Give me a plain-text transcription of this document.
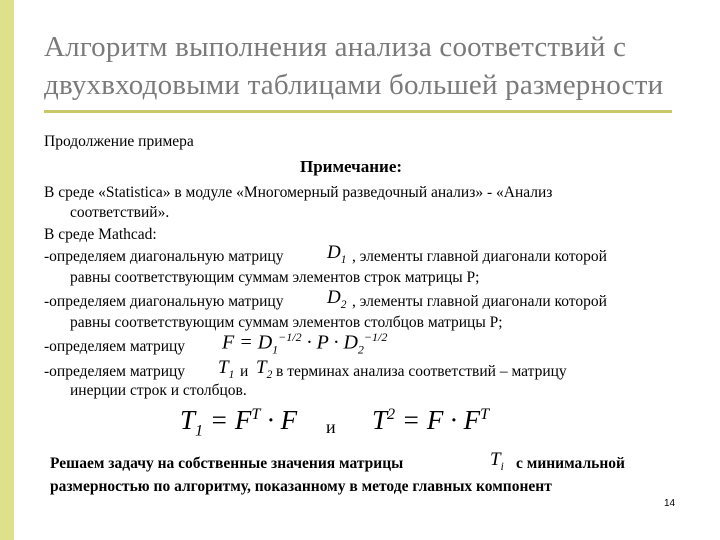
Алгоритм выполнения анализа соответствий с
двухвходовыми таблицами большей размерности
Продолжение примера
Примечание:
В среде «Statistica» в модуле «Многомерный разведочный анализ» - «Анализ
соответствий».
В среде Mathcad:
-определяем диагональную матрицу $D_1$ , элементы главной диагонали которой
равны соответствующим суммам элементов строк матрицы P;
-определяем диагональную матрицу $D_2$ , элементы главной диагонали которой
равны соответствующим суммам элементов столбцов матрицы P;
-определяем матрицу $F = D_1^{-1/2} \cdot P \cdot D_2^{-1/2}$
-определяем матрицу $T_1$ и $T_2$ в терминах анализа соответствий – матрицу
инерции строк и столбцов.
$T_1 = F^T \cdot F$ и $T^2 = F \cdot F^T$
Решаем задачу на собственные значения матрицы	$T_i$ с минимальной
размерностью по алгоритму, показанному в методе главных компонент
14
